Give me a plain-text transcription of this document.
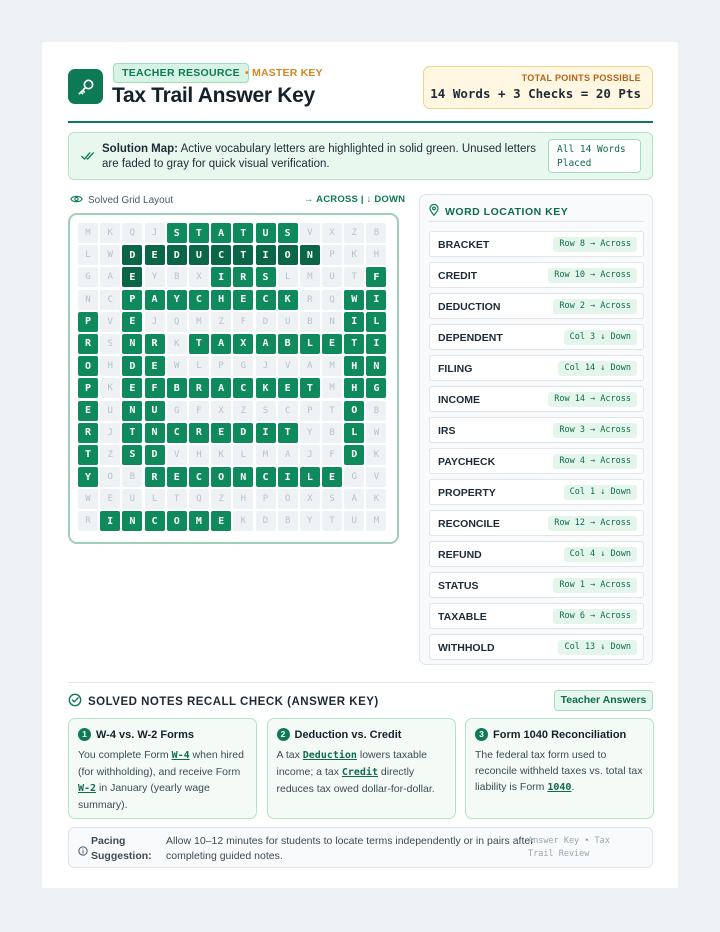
TEACHER RESOURCE • MASTER KEY
Tax Trail Answer Key
TOTAL POINTS POSSIBLE
14 Words + 3 Checks = 20 Pts
Solution Map: Active vocabulary letters are highlighted in solid green. Unused letters are faded to gray for quick visual verification.
All 14 Words Placed
Solved Grid Layout	→ ACROSS | ↓ DOWN
M	K	Q	J	S	T	A	T	U	S	V	X	Z	B
L	W	D	E	D	U	C	T	I	O	N	P	K	H
G	A	E	Y	B	X	I	R	S	L	M	U	T	F
N	C	P	A	Y	C	H	E	C	K	R	Q	W	I
P	V	E	J	Q	M	Z	F	D	U	B	N	I	L
R	S	N	R	K	T	A	X	A	B	L	E	T	I
O	H	D	E	W	L	P	G	J	V	A	M	H	N
P	K	E	F	B	R	A	C	K	E	T	M	H	G
E	U	N	U	G	F	X	Z	S	C	P	T	O	B
R	J	T	N	C	R	E	D	I	T	Y	B	L	W
T	Z	S	D	V	H	K	L	M	A	J	F	D	K
Y	O	B	R	E	C	O	N	C	I	L	E	G	V
W	E	U	L	T	Q	Z	H	P	O	X	S	A	K
R	I	N	C	O	M	E	K	D	B	Y	T	U	M
WORD LOCATION KEY
BRACKET	Row 8 → Across
CREDIT	Row 10 → Across
DEDUCTION	Row 2 → Across
DEPENDENT	Col 3 ↓ Down
FILING	Col 14 ↓ Down
INCOME	Row 14 → Across
IRS	Row 3 → Across
PAYCHECK	Row 4 → Across
PROPERTY	Col 1 ↓ Down
RECONCILE	Row 12 → Across
REFUND	Col 4 ↓ Down
STATUS	Row 1 → Across
TAXABLE	Row 6 → Across
WITHHOLD	Col 13 ↓ Down
SOLVED NOTES RECALL CHECK (ANSWER KEY)	Teacher Answers
1 W-4 vs. W-2 Forms
You complete Form W-4 when hired (for withholding), and receive Form W-2 in January (yearly wage summary).
2 Deduction vs. Credit
A tax Deduction lowers taxable income; a tax Credit directly reduces tax owed dollar-for-dollar.
3 Form 1040 Reconciliation
The federal tax form used to reconcile withheld taxes vs. total tax liability is Form 1040.
Pacing Suggestion:
Allow 10–12 minutes for students to locate terms independently or in pairs after completing guided notes.
Answer Key • Tax Trail Review
